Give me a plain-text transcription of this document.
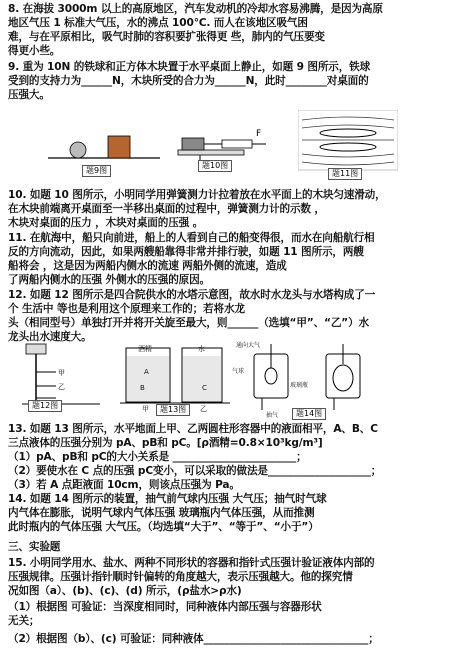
8. 在海拔 3000m 以上的高原地区，汽车发动机的冷却水容易沸腾，是因为高原
地区气压 1 标准大气压，水的沸点 100℃. 而人在该地区吸气困
难，与在平原相比，吸气时肺的容积要扩张得更 些，肺内的气压要变
得更小些。
9. 重为 10N 的铁球和正方体木块置于水平桌面上静止，如题 9 图所示，铁球
受到的支持力为______N，木块所受的合力为______N，此时________对桌面的
压强大。
题9图
F
题10图
题11图
10. 如题 10 图所示，小明同学用弹簧测力计拉着放在水平面上的木块匀速滑动，
在木块前端离开桌面至一半移出桌面的过程中，弹簧测力计的示数 ，
木块对桌面的压力 ，木块对桌面的压强 。
11. 在航海中，船只向前进，船上的人看到自己的船变得很，而水在向船航行相
反的方向流动，因此，如果两艘船靠得非常并排行驶，如题 11 图所示，两艘
船将会 ，这是因为两船内侧水的流速 两船外侧的流速，造成
了两船内侧水的压强 外侧水的压强的原因。
12. 如题 12 图所示是四合院供水的水塔示意图，故水时水龙头与水塔构成了一
个 生活中 等也是利用这个原理来工作的；若将水龙
头（相同型号）单独打开并将开关旋至最大，则______（选填“甲”、“乙”）水
龙头出水速度大。
甲
乙
题12图
酒精	水
A
B	C
甲	乙
题13图
通向大气
气球
玻璃瓶
抽气	题14图
13. 如题 13 图所示，水平地面上甲、乙两圆柱形容器中的液面相平，A、B、C
三点液体的压强分别为 pA、pB和 pC。[ρ酒精=0.8×10³kg/m³]
（1）pA、pB和 pC的大小关系是 ________________________；
（2）要使水在 C 点的压强 pC变小，可以采取的做法是____________________；
（3）若 A 点距液面 10cm，则该点压强为 Pa。
14. 如题 14 图所示的装置，抽气前气球内压强 大气压；抽气时气球
内气体在膨胀，说明气球内气体压强 玻璃瓶内气体压强，从而推测
此时瓶内的气体压强 大气压。（均选填“大于”、“等于”、“小于”）
三、实验题
15. 小明同学用水、盐水、两种不同形状的容器和指针式压强计验证液体内部的
压强规律。压强计指针顺时针偏转的角度越大，表示压强越大。他的探究情
况如图（a）、(b)、(c)、(d) 所示，(ρ盐水>ρ水)
（1）根据图 可验证：当深度相同时，同种液体内部压强与容器形状
无关；
（2）根据图（b）、(c) 可验证：同种液体________________________________；
